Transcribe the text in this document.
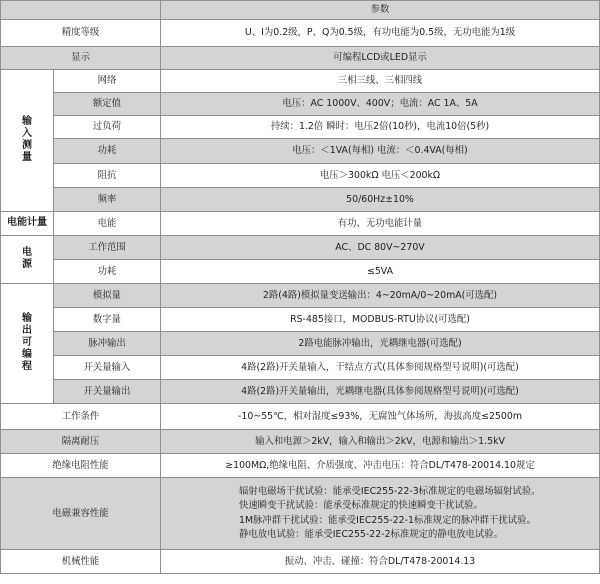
		参数
精度等级		U、I为0.2级，P、Q为0.5级，有功电能为0.5级，无功电能为1级
显示		可编程LCD或LED显示
输入测量	网络	三相三线、三相四线
	额定值	电压：AC 1000V、400V；电流：AC 1A、5A
	过负荷	持续：1.2倍 瞬时：电压2倍(10秒)，电流10倍(5秒)
	功耗	电压：＜1VA(每相) 电流：＜0.4VA(每相)
	阻抗	电压＞300kΩ 电压＜200kΩ
	频率	50/60Hz±10%
电能计量	电能	有功、无功电能计量
电源	工作范围	AC、DC 80V~270V
	功耗	≤5VA
输出可编程	模拟量	2路(4路)模拟量变送输出：4~20mA/0~20mA(可选配)
	数字量	RS-485接口，MODBUS-RTU协议(可选配)
	脉冲输出	2路电能脉冲输出，光耦继电器(可选配)
	开关量输入	4路(2路)开关量输入，干结点方式(具体参阅规格型号说明)(可选配)
	开关量输出	4路(2路)开关量输出，光耦继电器(具体参阅规格型号说明)(可选配)
工作条件		-10~55℃，相对湿度≤93%，无腐蚀气体场所，海拔高度≤2500m
隔离耐压		输入和电源＞2kV，输入和输出＞2kV，电源和输出＞1.5kV
绝缘电阻性能		≥100MΩ,绝缘电阻、介质强度、冲击电压：符合DL/T478-20014.10规定
电磁兼容性能		辐射电磁场干扰试验：能承受IEC255-22-3标准规定的电磁场辐射试验。
快速瞬变干扰试验：能承受标准规定的快速瞬变干扰试验。
1M脉冲群干扰试验：能承受IEC255-22-1标准规定的脉冲群干扰试验。
静电放电试验：能承受IEC255-22-2标准规定的静电放电试验。

机械性能		振动、冲击、碰撞：符合DL/T478-20014.13
